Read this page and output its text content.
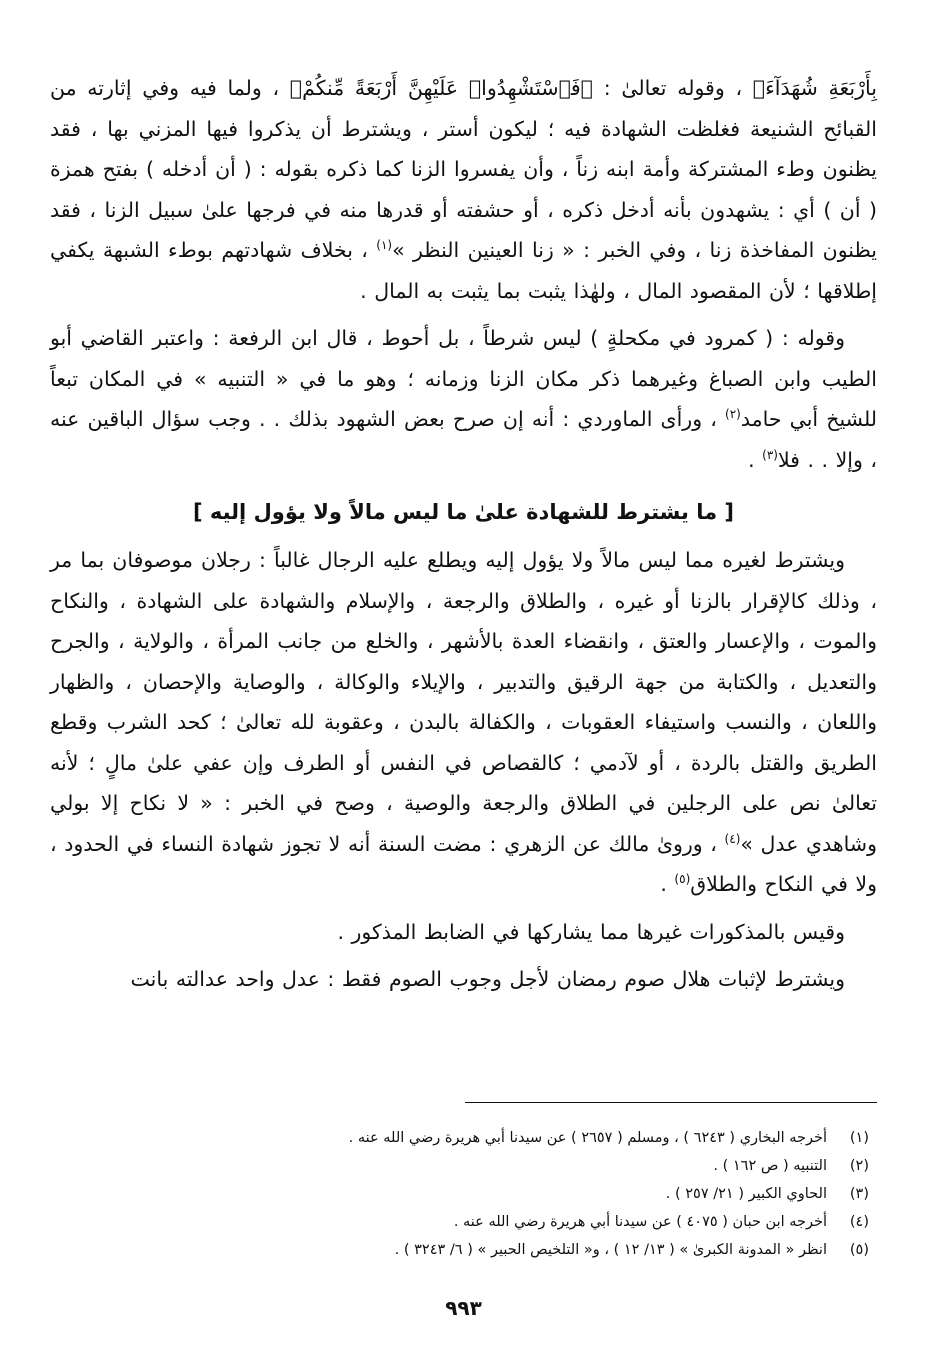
بِأَرْبَعَةِ شُهَدَآءَ﴾ ، وقوله تعالىٰ : ﴿فَٱسْتَشْهِدُوا۟ عَلَيْهِنَّ أَرْبَعَةً مِّنكُمْ﴾ ، ولما فيه وفي إثارته من القبائح الشنيعة فغلظت الشهادة فيه ؛ ليكون أستر ، ويشترط أن يذكروا فيها المزني بها ، فقد يظنون وطء المشتركة وأمة ابنه زناً ، وأن يفسروا الزنا كما ذكره بقوله : ( أن أدخله ) بفتح همزة ( أن ) أي : يشهدون بأنه أدخل ذكره ، أو حشفته أو قدرها منه في فرجها علىٰ سبيل الزنا ، فقد يظنون المفاخذة زنا ، وفي الخبر : « زنا العينين النظر »$^{(١)}$ ، بخلاف شهادتهم بوطء الشبهة يكفي إطلاقها ؛ لأن المقصود المال ، ولهٰذا يثبت بما يثبت به المال .

وقوله : ( كمرود في مكحلةٍ ) ليس شرطاً ، بل أحوط ، قال ابن الرفعة : واعتبر القاضي أبو الطيب وابن الصباغ وغيرهما ذكر مكان الزنا وزمانه ؛ وهو ما في « التنبيه » في المكان تبعاً للشيخ أبي حامد$^{(٢)}$ ، ورأى الماوردي : أنه إن صرح بعض الشهود بذلك . . وجب سؤال الباقين عنه ، وإلا . . فلا$^{(٣)}$ .

[ ما يشترط للشهادة علىٰ ما ليس مالاً ولا يؤول إليه ]

ويشترط لغيره مما ليس مالاً ولا يؤول إليه ويطلع عليه الرجال غالباً : رجلان موصوفان بما مر ، وذلك كالإقرار بالزنا أو غيره ، والطلاق والرجعة ، والإسلام والشهادة على الشهادة ، والنكاح والموت ، والإعسار والعتق ، وانقضاء العدة بالأشهر ، والخلع من جانب المرأة ، والولاية ، والجرح والتعديل ، والكتابة من جهة الرقيق والتدبير ، والإيلاء والوكالة ، والوصاية والإحصان ، والظهار واللعان ، والنسب واستيفاء العقوبات ، والكفالة بالبدن ، وعقوبة لله تعالىٰ ؛ كحد الشرب وقطع الطريق والقتل بالردة ، أو لآدمي ؛ كالقصاص في النفس أو الطرف وإن عفي علىٰ مالٍ ؛ لأنه تعالىٰ نص على الرجلين في الطلاق والرجعة والوصية ، وصح في الخبر : « لا نكاح إلا بولي وشاهدي عدل »$^{(٤)}$ ، وروىٰ مالك عن الزهري : مضت السنة أنه لا تجوز شهادة النساء في الحدود ، ولا في النكاح والطلاق$^{(٥)}$ .

وقيس بالمذكورات غيرها مما يشاركها في الضابط المذكور .

ويشترط لإثبات هلال صوم رمضان لأجل وجوب الصوم فقط : عدل واحد عدالته بانت

(١)
أخرجه البخاري ( ٦٢٤٣ ) ، ومسلم ( ٢٦٥٧ ) عن سيدنا أبي هريرة رضي الله عنه .
(٢)
التنبيه ( ص ١٦٢ ) .
(٣)
الحاوي الكبير ( ٢١/ ٢٥٧ ) .
(٤)
أخرجه ابن حبان ( ٤٠٧٥ ) عن سيدنا أبي هريرة رضي الله عنه .
(٥)
انظر « المدونة الكبرىٰ » ( ١٣/ ١٢ ) ، و« التلخيص الحبير » ( ٦/ ٣٢٤٣ ) .
٩٩٣
